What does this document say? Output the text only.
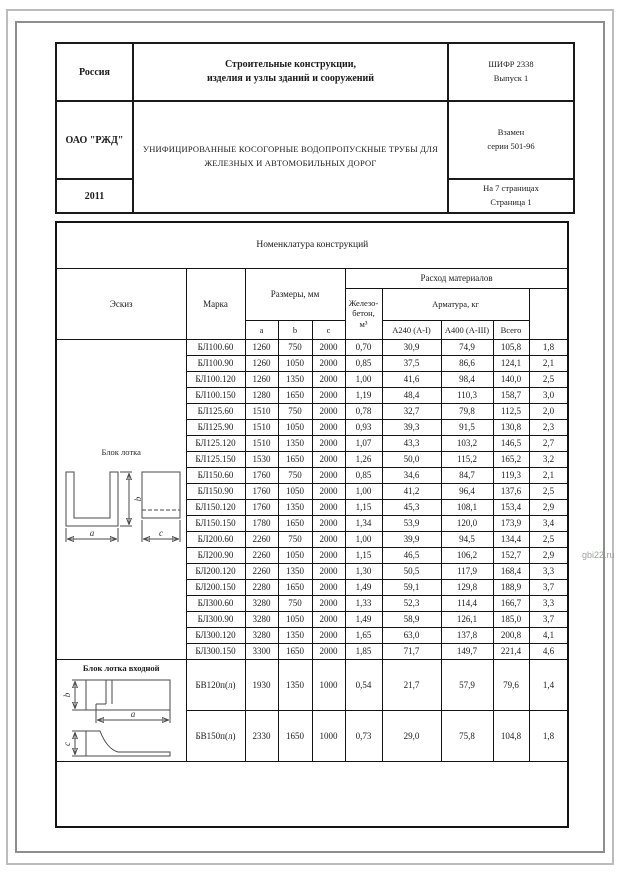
Россия	
Строительные конструкции,
изделия и узлы зданий и сооружений

ШИФР 2338
Выпуск 1

ОАО "РЖД"	
УНИФИЦИРОВАННЫЕ КОСОГОРНЫЕ ВОДОПРОПУСКНЫЕ ТРУБЫ ДЛЯ
ЖЕЛЕЗНЫХ И АВТОМОБИЛЬНЫХ ДОРОГ

Взамен
серии 501-96

2011		На 7 страницах
Страница 1
Номенклатура конструкций										
Эскиз	Марка	Размеры, мм			Расход материалов	

					Железо-
бетон,
м³	Арматура, кг				
		a	b	c		А240 (А-I)	А400 (А-III)	Всего		

Блок лотка
b
a c	БЛ100.60	1260	750	2000	0,70	30,9	74,9	105,8	1,8	
	БЛ100.90	1260	1050	2000	0,85	37,5	86,6	124,1	2,1	
	БЛ100.120	1260	1350	2000	1,00	41,6	98,4	140,0	2,5	
	БЛ100.150	1280	1650	2000	1,19	48,4	110,3	158,7	3,0	
	БЛ125.60	1510	750	2000	0,78	32,7	79,8	112,5	2,0	
	БЛ125.90	1510	1050	2000	0,93	39,3	91,5	130,8	2,3	
	БЛ125.120	1510	1350	2000	1,07	43,3	103,2	146,5	2,7	
	БЛ125.150	1530	1650	2000	1,26	50,0	115,2	165,2	3,2	
	БЛ150.60	1760	750	2000	0,85	34,6	84,7	119,3	2,1	
	БЛ150.90	1760	1050	2000	1,00	41,2	96,4	137,6	2,5	
	БЛ150.120	1760	1350	2000	1,15	45,3	108,1	153,4	2,9	
	БЛ150.150	1780	1650	2000	1,34	53,9	120,0	173,9	3,4	
	БЛ200.60	2260	750	2000	1,00	39,9	94,5	134,4	2,5	
	БЛ200.90	2260	1050	2000	1,15	46,5	106,2	152,7	2,9	
	БЛ200.120	2260	1350	2000	1,30	50,5	117,9	168,4	3,3	
	БЛ200.150	2280	1650	2000	1,49	59,1	129,8	188,9	3,7	
	БЛ300.60	3280	750	2000	1,33	52,3	114,4	166,7	3,3	
	БЛ300.90	3280	1050	2000	1,49	58,9	126,1	185,0	3,7	
	БЛ300.120	3280	1350	2000	1,65	63,0	137,8	200,8	4,1	
	БЛ300.150	3300	1650	2000	1,85	71,7	149,7	221,4	4,6	

Блок лотка входной
b
a
c	БВ120п(л)	1930	1350	1000	0,54	21,7	57,9	79,6	1,4	
	БВ150п(л)	2330	1650	1000	0,73	29,0	75,8	104,8	1,8	

gbi22.ru
